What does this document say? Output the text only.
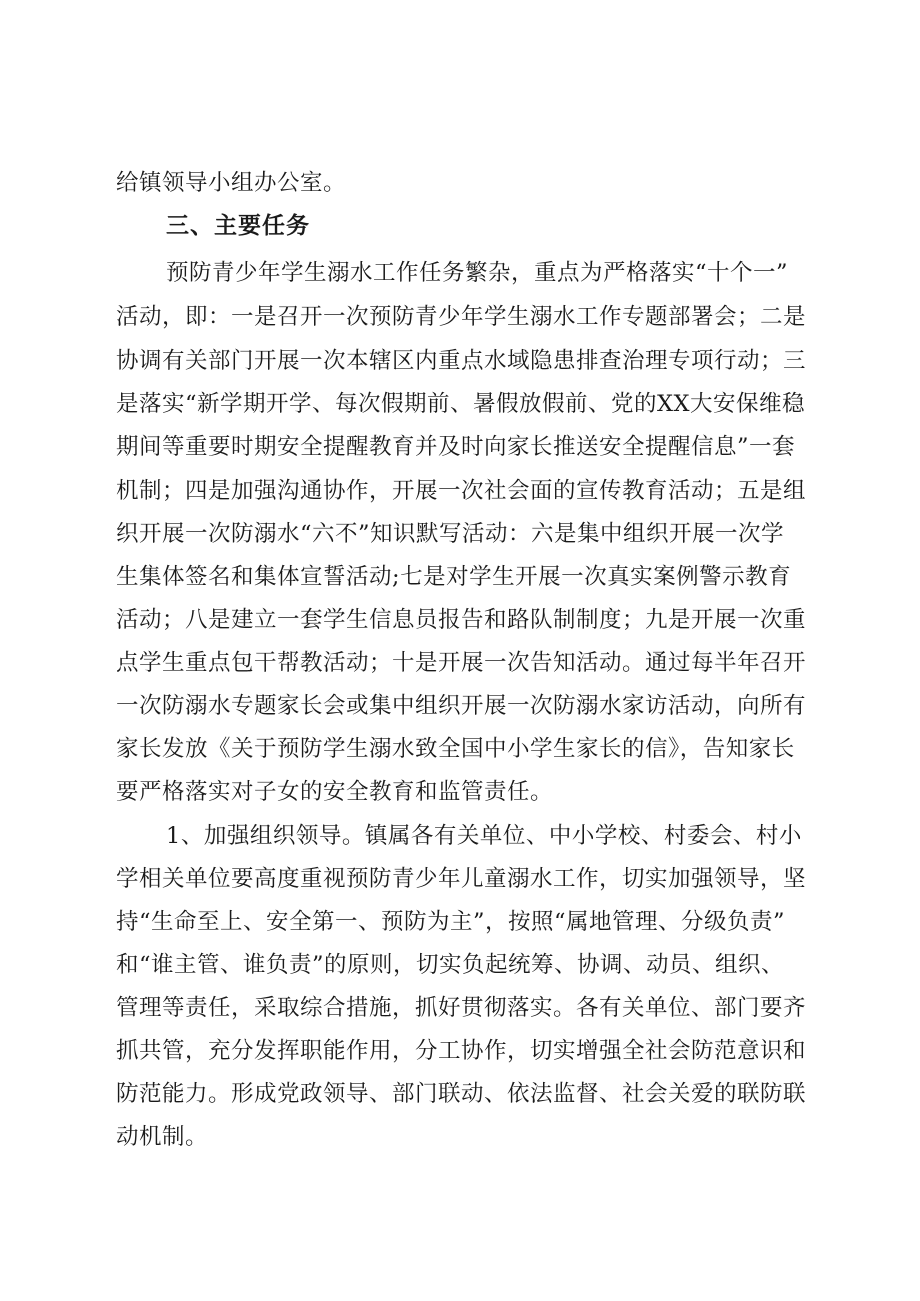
给镇领导小组办公室。
三、主要任务
预防青少年学生溺水工作任务繁杂，重点为严格落实“十个一”
活动，即：一是召开一次预防青少年学生溺水工作专题部署会；二是
协调有关部门开展一次本辖区内重点水域隐患排查治理专项行动；三
是落实“新学期开学、每次假期前、暑假放假前、党的XX大安保维稳
期间等重要时期安全提醒教育并及时向家长推送安全提醒信息”一套
机制；四是加强沟通协作，开展一次社会面的宣传教育活动；五是组
织开展一次防溺水“六不”知识默写活动：六是集中组织开展一次学
生集体签名和集体宣誓活动;七是对学生开展一次真实案例警示教育
活动；八是建立一套学生信息员报告和路队制制度；九是开展一次重
点学生重点包干帮教活动；十是开展一次告知活动。通过每半年召开
一次防溺水专题家长会或集中组织开展一次防溺水家访活动，向所有
家长发放《关于预防学生溺水致全国中小学生家长的信》，告知家长
要严格落实对子女的安全教育和监管责任。
1、加强组织领导。镇属各有关单位、中小学校、村委会、村小
学相关单位要高度重视预防青少年儿童溺水工作，切实加强领导，坚
持“生命至上、安全第一、预防为主”，按照“属地管理、分级负责”
和“谁主管、谁负责”的原则，切实负起统筹、协调、动员、组织、
管理等责任，采取综合措施，抓好贯彻落实。各有关单位、部门要齐
抓共管，充分发挥职能作用，分工协作，切实增强全社会防范意识和
防范能力。形成党政领导、部门联动、依法监督、社会关爱的联防联
动机制。
